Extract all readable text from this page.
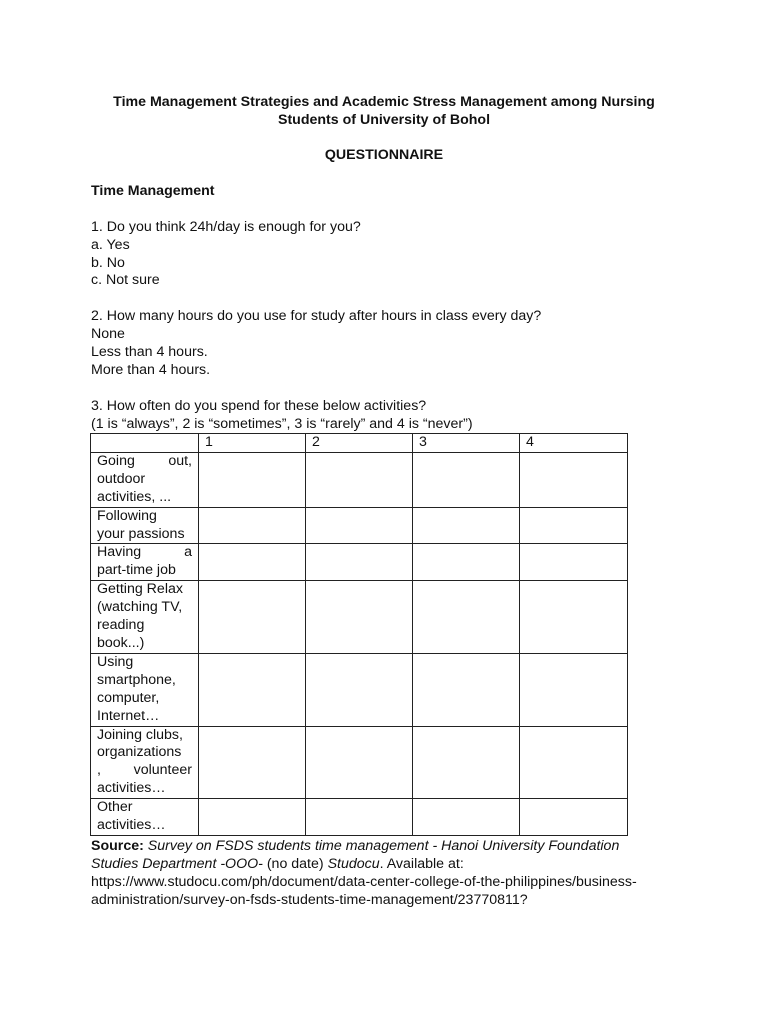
Time Management Strategies and Academic Stress Management among Nursing
Students of University of Bohol
QUESTIONNAIRE
Time Management
1. Do you think 24h/day is enough for you?
a. Yes
b. No
c. Not sure
2. How many hours do you use for study after hours in class every day?
None
Less than 4 hours.
More than 4 hours.
3. How often do you spend for these below activities?
(1 is “always”, 2 is “sometimes”, 3 is “rarely” and 4 is “never”)
	1	2	3	4

Going out,
outdoor
activities, ...				

Following
your passions				

Having a
part-time job				

Getting Relax
(watching TV,
reading
book...)				

Using
smartphone,
computer,
Internet…				

Joining clubs,
organizations
, volunteer
activities…				

Other
activities…				

Source: Survey on FSDS students time management - Hanoi University Foundation
Studies Department -OOO- (no date) Studocu. Available at:
https://www.studocu.com/ph/document/data-center-college-of-the-philippines/business-
administration/survey-on-fsds-students-time-management/23770811?
